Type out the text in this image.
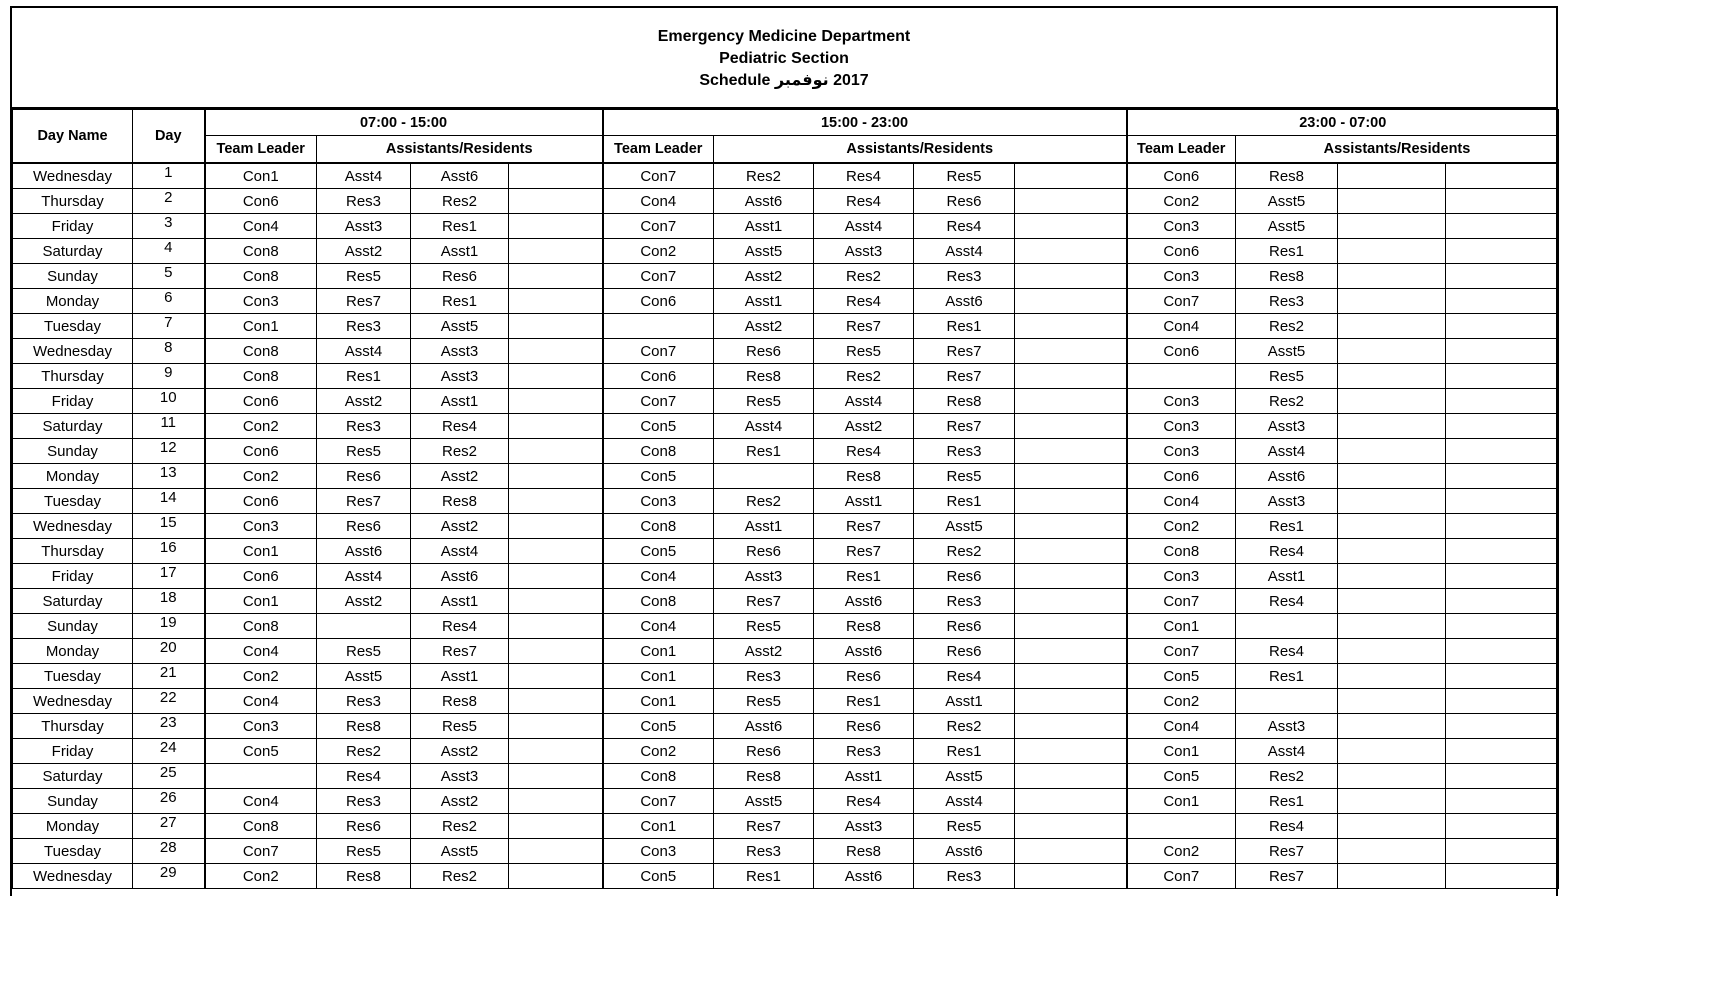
Emergency Medicine Department
Pediatric Section
2017 نوفمبر Schedule
Day Name	Day	07:00 - 15:00				15:00 - 23:00					23:00 - 07:00			
		Team Leader	Assistants/Residents			Team Leader	Assistants/Residents				Team Leader	Assistants/Residents		
Wednesday	1	Con1	Asst4	Asst6		Con7	Res2	Res4	Res5		Con6	Res8		
Thursday	2	Con6	Res3	Res2		Con4	Asst6	Res4	Res6		Con2	Asst5		
Friday	3	Con4	Asst3	Res1		Con7	Asst1	Asst4	Res4		Con3	Asst5		
Saturday	4	Con8	Asst2	Asst1		Con2	Asst5	Asst3	Asst4		Con6	Res1		
Sunday	5	Con8	Res5	Res6		Con7	Asst2	Res2	Res3		Con3	Res8		
Monday	6	Con3	Res7	Res1		Con6	Asst1	Res4	Asst6		Con7	Res3		
Tuesday	7	Con1	Res3	Asst5			Asst2	Res7	Res1		Con4	Res2		
Wednesday	8	Con8	Asst4	Asst3		Con7	Res6	Res5	Res7		Con6	Asst5		
Thursday	9	Con8	Res1	Asst3		Con6	Res8	Res2	Res7			Res5		
Friday	10	Con6	Asst2	Asst1		Con7	Res5	Asst4	Res8		Con3	Res2		
Saturday	11	Con2	Res3	Res4		Con5	Asst4	Asst2	Res7		Con3	Asst3		
Sunday	12	Con6	Res5	Res2		Con8	Res1	Res4	Res3		Con3	Asst4		
Monday	13	Con2	Res6	Asst2		Con5		Res8	Res5		Con6	Asst6		
Tuesday	14	Con6	Res7	Res8		Con3	Res2	Asst1	Res1		Con4	Asst3		
Wednesday	15	Con3	Res6	Asst2		Con8	Asst1	Res7	Asst5		Con2	Res1		
Thursday	16	Con1	Asst6	Asst4		Con5	Res6	Res7	Res2		Con8	Res4		
Friday	17	Con6	Asst4	Asst6		Con4	Asst3	Res1	Res6		Con3	Asst1		
Saturday	18	Con1	Asst2	Asst1		Con8	Res7	Asst6	Res3		Con7	Res4		
Sunday	19	Con8		Res4		Con4	Res5	Res8	Res6		Con1			
Monday	20	Con4	Res5	Res7		Con1	Asst2	Asst6	Res6		Con7	Res4		
Tuesday	21	Con2	Asst5	Asst1		Con1	Res3	Res6	Res4		Con5	Res1		
Wednesday	22	Con4	Res3	Res8		Con1	Res5	Res1	Asst1		Con2			
Thursday	23	Con3	Res8	Res5		Con5	Asst6	Res6	Res2		Con4	Asst3		
Friday	24	Con5	Res2	Asst2		Con2	Res6	Res3	Res1		Con1	Asst4		
Saturday	25		Res4	Asst3		Con8	Res8	Asst1	Asst5		Con5	Res2		
Sunday	26	Con4	Res3	Asst2		Con7	Asst5	Res4	Asst4		Con1	Res1		
Monday	27	Con8	Res6	Res2		Con1	Res7	Asst3	Res5			Res4		
Tuesday	28	Con7	Res5	Asst5		Con3	Res3	Res8	Asst6		Con2	Res7		
Wednesday	29	Con2	Res8	Res2		Con5	Res1	Asst6	Res3		Con7	Res7		
